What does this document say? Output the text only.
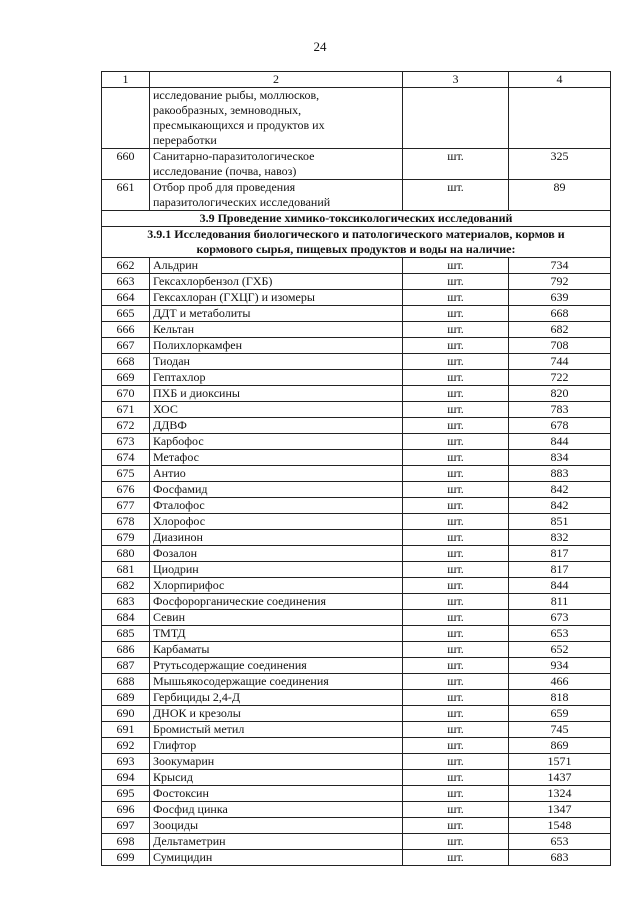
24
1	2	3	4

	исследование рыбы, моллюсков,
ракообразных, земноводных,
пресмыкающихся и продуктов их
переработки		

660	Санитарно-паразитологическое
исследование (почва, навоз)	шт.	325
661	Отбор проб для проведения
паразитологических исследований	шт.	89
3.9 Проведение химико-токсикологических исследований			

3.9.1 Исследования биологического и патологического материалов, кормов и
кормового сырья, пищевых продуктов и воды на наличие:			

662	Альдрин	шт.	734
663	Гексахлорбензол (ГХБ)	шт.	792
664	Гексахлоран (ГХЦГ) и изомеры	шт.	639
665	ДДТ и метаболиты	шт.	668
666	Кельтан	шт.	682
667	Полихлоркамфен	шт.	708
668	Тиодан	шт.	744
669	Гептахлор	шт.	722
670	ПХБ и диоксины	шт.	820
671	ХОС	шт.	783
672	ДДВФ	шт.	678
673	Карбофос	шт.	844
674	Метафос	шт.	834
675	Антио	шт.	883
676	Фосфамид	шт.	842
677	Фталофос	шт.	842
678	Хлорофос	шт.	851
679	Диазинон	шт.	832
680	Фозалон	шт.	817
681	Циодрин	шт.	817
682	Хлорпирифос	шт.	844
683	Фосфорорганические соединения	шт.	811
684	Севин	шт.	673
685	ТМТД	шт.	653
686	Карбаматы	шт.	652
687	Ртутьсодержащие соединения	шт.	934
688	Мышьякосодержащие соединения	шт.	466
689	Гербициды 2,4-Д	шт.	818
690	ДНОК и крезолы	шт.	659
691	Бромистый метил	шт.	745
692	Глифтор	шт.	869
693	Зоокумарин	шт.	1571
694	Крысид	шт.	1437
695	Фостоксин	шт.	1324
696	Фосфид цинка	шт.	1347
697	Зооциды	шт.	1548
698	Дельтаметрин	шт.	653
699	Сумицидин	шт.	683
